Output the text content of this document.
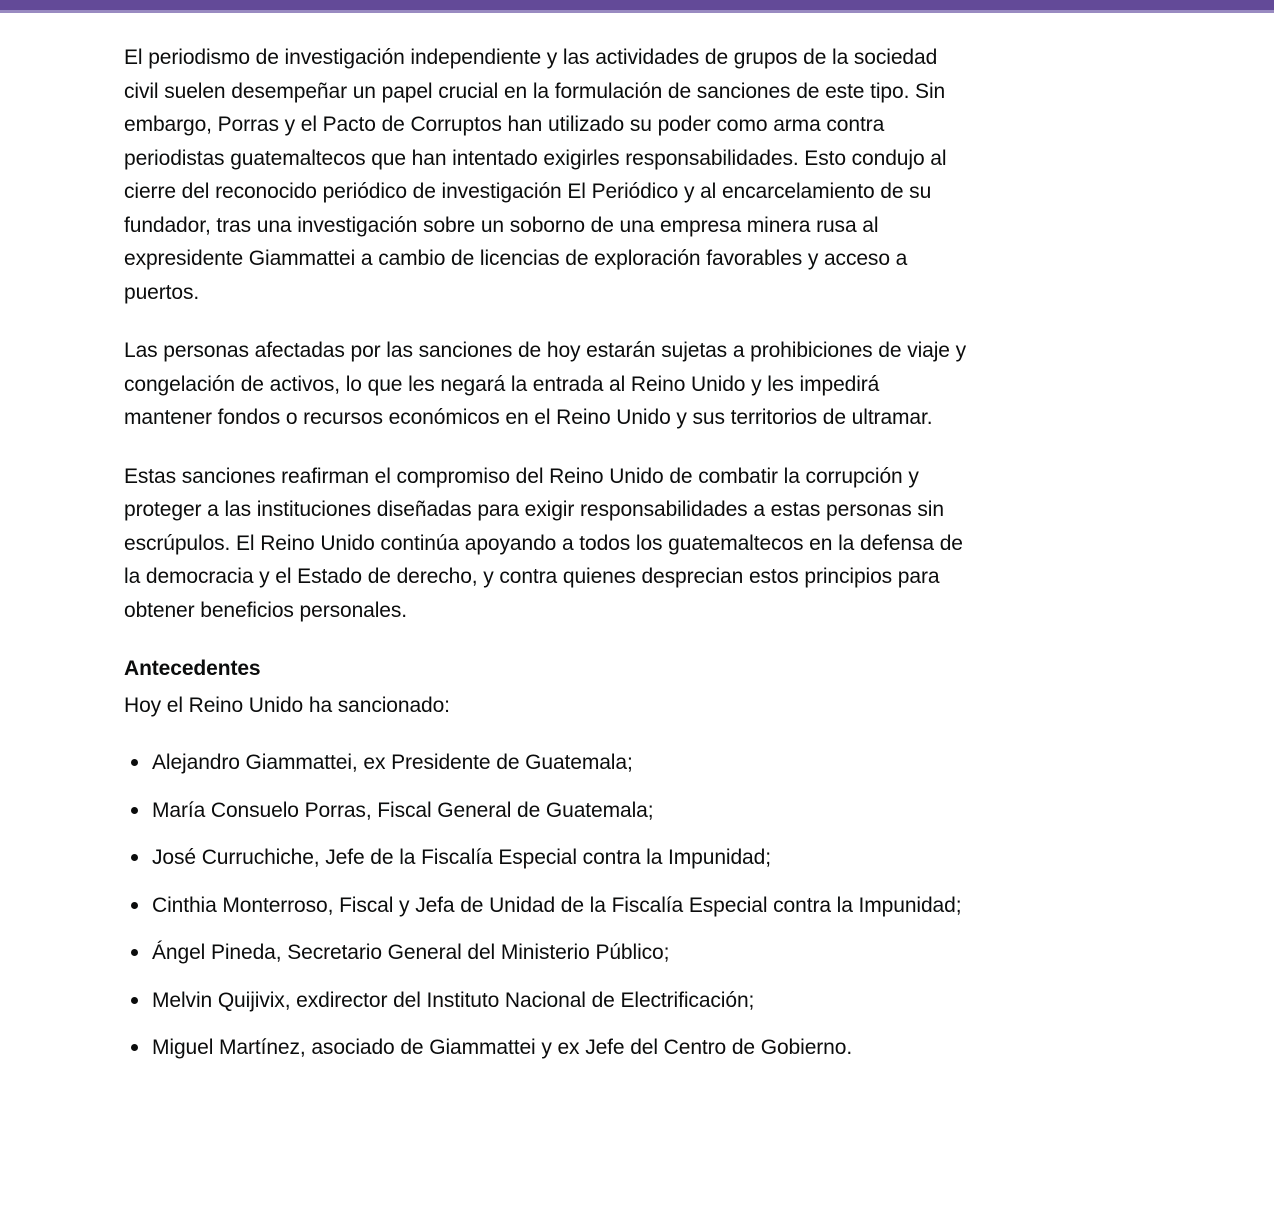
El periodismo de investigación independiente y las actividades de grupos de la sociedad civil suelen desempeñar un papel crucial en la formulación de sanciones de este tipo. Sin embargo, Porras y el Pacto de Corruptos han utilizado su poder como arma contra periodistas guatemaltecos que han intentado exigirles responsabilidades. Esto condujo al cierre del reconocido periódico de investigación El Periódico y al encarcelamiento de su fundador, tras una investigación sobre un soborno de una empresa minera rusa al expresidente Giammattei a cambio de licencias de exploración favorables y acceso a puertos.

Las personas afectadas por las sanciones de hoy estarán sujetas a prohibiciones de viaje y congelación de activos, lo que les negará la entrada al Reino Unido y les impedirá mantener fondos o recursos económicos en el Reino Unido y sus territorios de ultramar.

Estas sanciones reafirman el compromiso del Reino Unido de combatir la corrupción y proteger a las instituciones diseñadas para exigir responsabilidades a estas personas sin escrúpulos. El Reino Unido continúa apoyando a todos los guatemaltecos en la defensa de la democracia y el Estado de derecho, y contra quienes desprecian estos principios para obtener beneficios personales.

Antecedentes

Hoy el Reino Unido ha sancionado:

Alejandro Giammattei, ex Presidente de Guatemala;
María Consuelo Porras, Fiscal General de Guatemala;
José Curruchiche, Jefe de la Fiscalía Especial contra la Impunidad;
Cinthia Monterroso, Fiscal y Jefa de Unidad de la Fiscalía Especial contra la Impunidad;
Ángel Pineda, Secretario General del Ministerio Público;
Melvin Quijivix, exdirector del Instituto Nacional de Electrificación;
Miguel Martínez, asociado de Giammattei y ex Jefe del Centro de Gobierno.
